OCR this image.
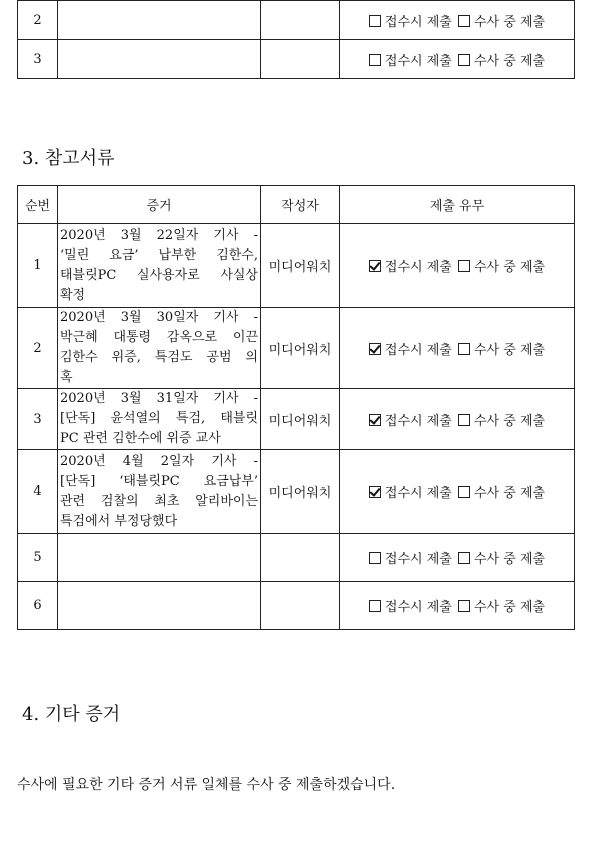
2			접수시 제출 수사 중 제출
3			접수시 제출 수사 중 제출
3. 참고서류
순번	증거	작성자	제출 유무
1	2020년 3월 22일자 기사 -
‘밀린 요금’ 납부한 김한수,
태블릿PC 실사용자로 사실상
확정	미디어워치	접수시 제출 수사 중 제출
2	2020년 3월 30일자 기사 -
박근혜 대통령 감옥으로 이끈
김한수 위증, 특검도 공범 의
혹	미디어워치	접수시 제출 수사 중 제출
3	2020년 3월 31일자 기사 -
[단독] 윤석열의 특검, 태블릿
PC 관련 김한수에 위증 교사	미디어워치	접수시 제출 수사 중 제출
4	2020년 4월 2일자 기사 -
[단독] ‘태블릿PC 요금납부’
관련 검찰의 최초 알리바이는
특검에서 부정당했다	미디어워치	접수시 제출 수사 중 제출
5			접수시 제출 수사 중 제출
6			접수시 제출 수사 중 제출
4. 기타 증거
수사에 필요한 기타 증거 서류 일체를 수사 중 제출하겠습니다.
